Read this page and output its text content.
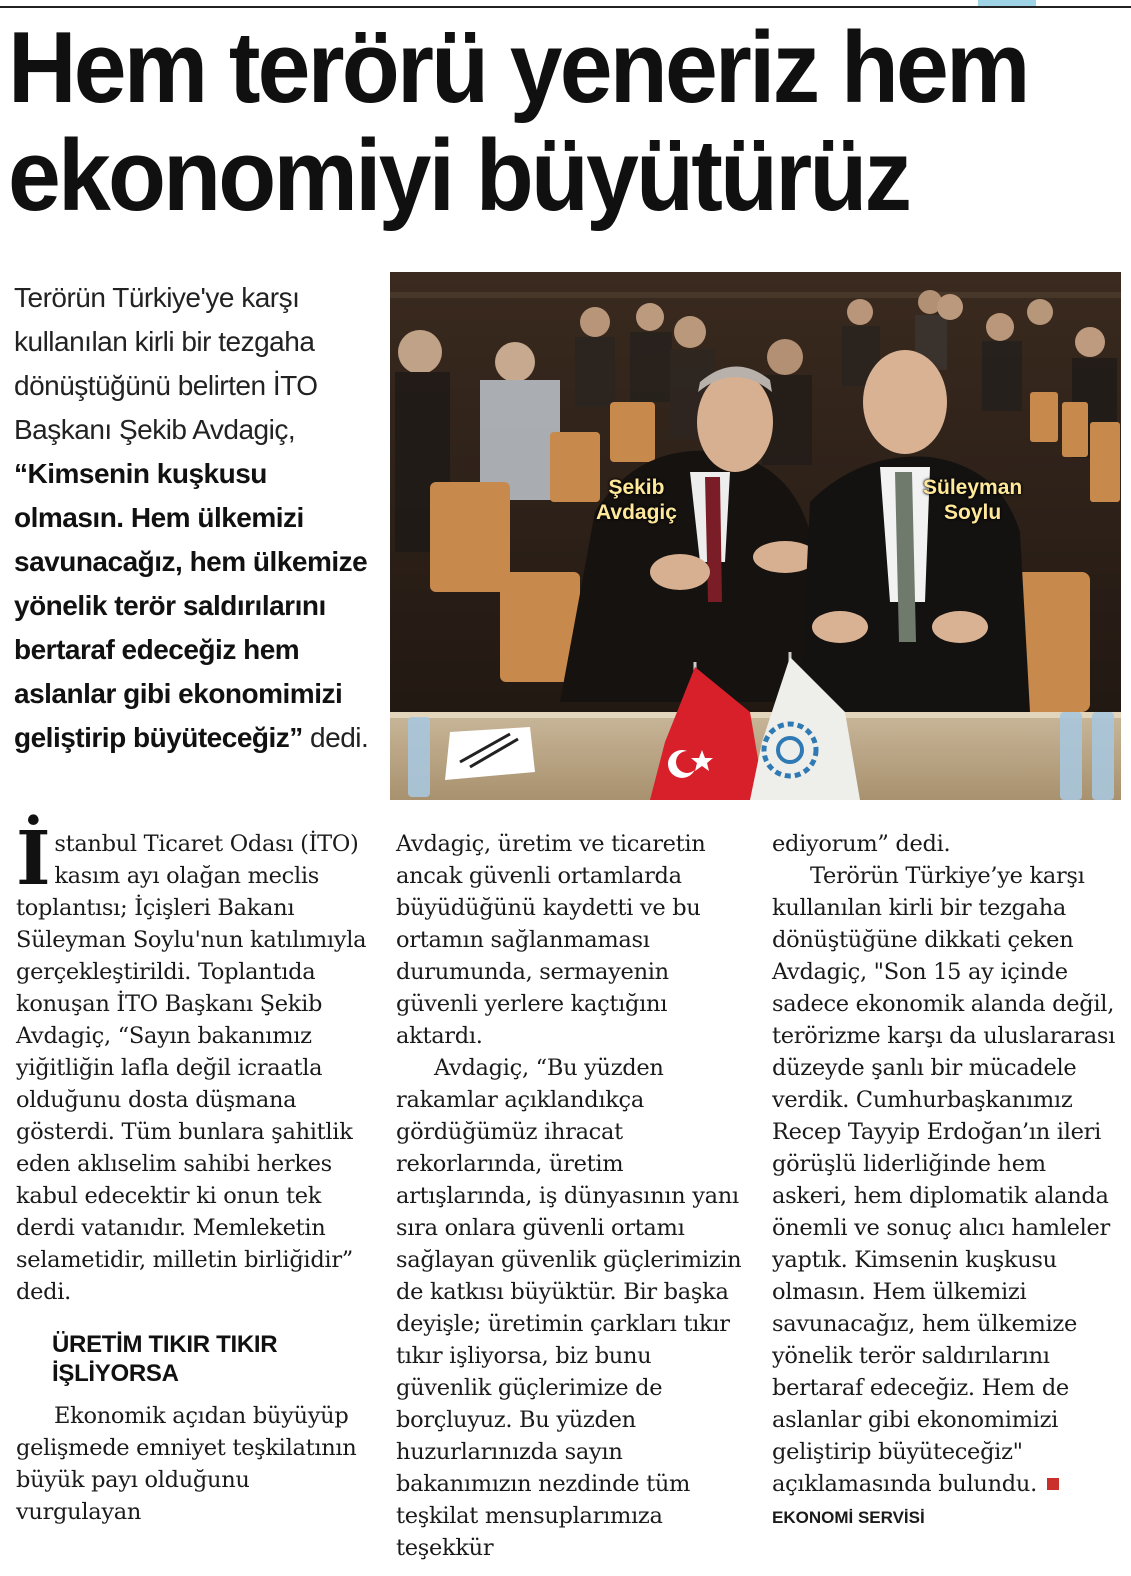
Hem terörü yeneriz hem
ekonomiyi büyütürüz
Terörün Türkiye'ye karşı kullanılan kirli bir tezgaha dönüştüğünü belirten İTO Başkanı Şekib Avdagiç, “Kimsenin kuşkusu olmasın. Hem ülkemizi savunacağız, hem ülkemize yönelik terör saldırılarını bertaraf edeceğiz hem aslanlar gibi ekonomimizi geliştirip büyüteceğiz” dedi.
Şekib
Avdagiç
Süleyman
Soylu

İstanbul Ticaret Odası (İTO) kasım ayı olağan meclis toplantısı; İçişleri Bakanı Süleyman Soylu'nun katılımıyla gerçekleştirildi. Toplantıda konuşan İTO Başkanı Şekib Avdagiç, “Sayın bakanımız yiğitliğin lafla değil icraatla olduğunu dosta düşmana gösterdi. Tüm bunlara şahitlik eden aklıselim sahibi herkes kabul edecektir ki onun tek derdi vatanıdır. Memleketin selametidir, milletin birliğidir” dedi.

ÜRETİM TIKIR TIKIR İŞLİYORSA

Ekonomik açıdan büyüyüp gelişmede emniyet teşkilatının büyük payı olduğunu vurgulayan

Avdagiç, üretim ve ticaretin ancak güvenli ortamlarda büyüdüğünü kaydetti ve bu ortamın sağlanmaması durumunda, sermayenin güvenli yerlere kaçtığını aktardı.

Avdagiç, “Bu yüzden rakamlar açıklandıkça gördüğümüz ihracat rekorlarında, üretim artışlarında, iş dünyasının yanı sıra onlara güvenli ortamı sağlayan güvenlik güçlerimizin de katkısı büyüktür. Bir başka deyişle; üretimin çarkları tıkır tıkır işliyorsa, biz bunu güvenlik güçlerimize de borçluyuz. Bu yüzden huzurlarınızda sayın bakanımızın nezdinde tüm teşkilat mensuplarımıza teşekkür

ediyorum” dedi.

Terörün Türkiye’ye karşı kullanılan kirli bir tezgaha dönüştüğüne dikkati çeken Avdagiç, "Son 15 ay içinde sadece ekonomik alanda değil, terörizme karşı da uluslararası düzeyde şanlı bir mücadele verdik. Cumhurbaşkanımız Recep Tayyip Erdoğan’ın ileri görüşlü liderliğinde hem askeri, hem diplomatik alanda önemli ve sonuç alıcı hamleler yaptık. Kimsenin kuşkusu olmasın. Hem ülkemizi savunacağız, hem ülkemize yönelik terör saldırılarını bertaraf edeceğiz. Hem de aslanlar gibi ekonomimizi geliştirip büyüteceğiz" açıklamasında bulundu.EKONOMİ SERVİSİ
